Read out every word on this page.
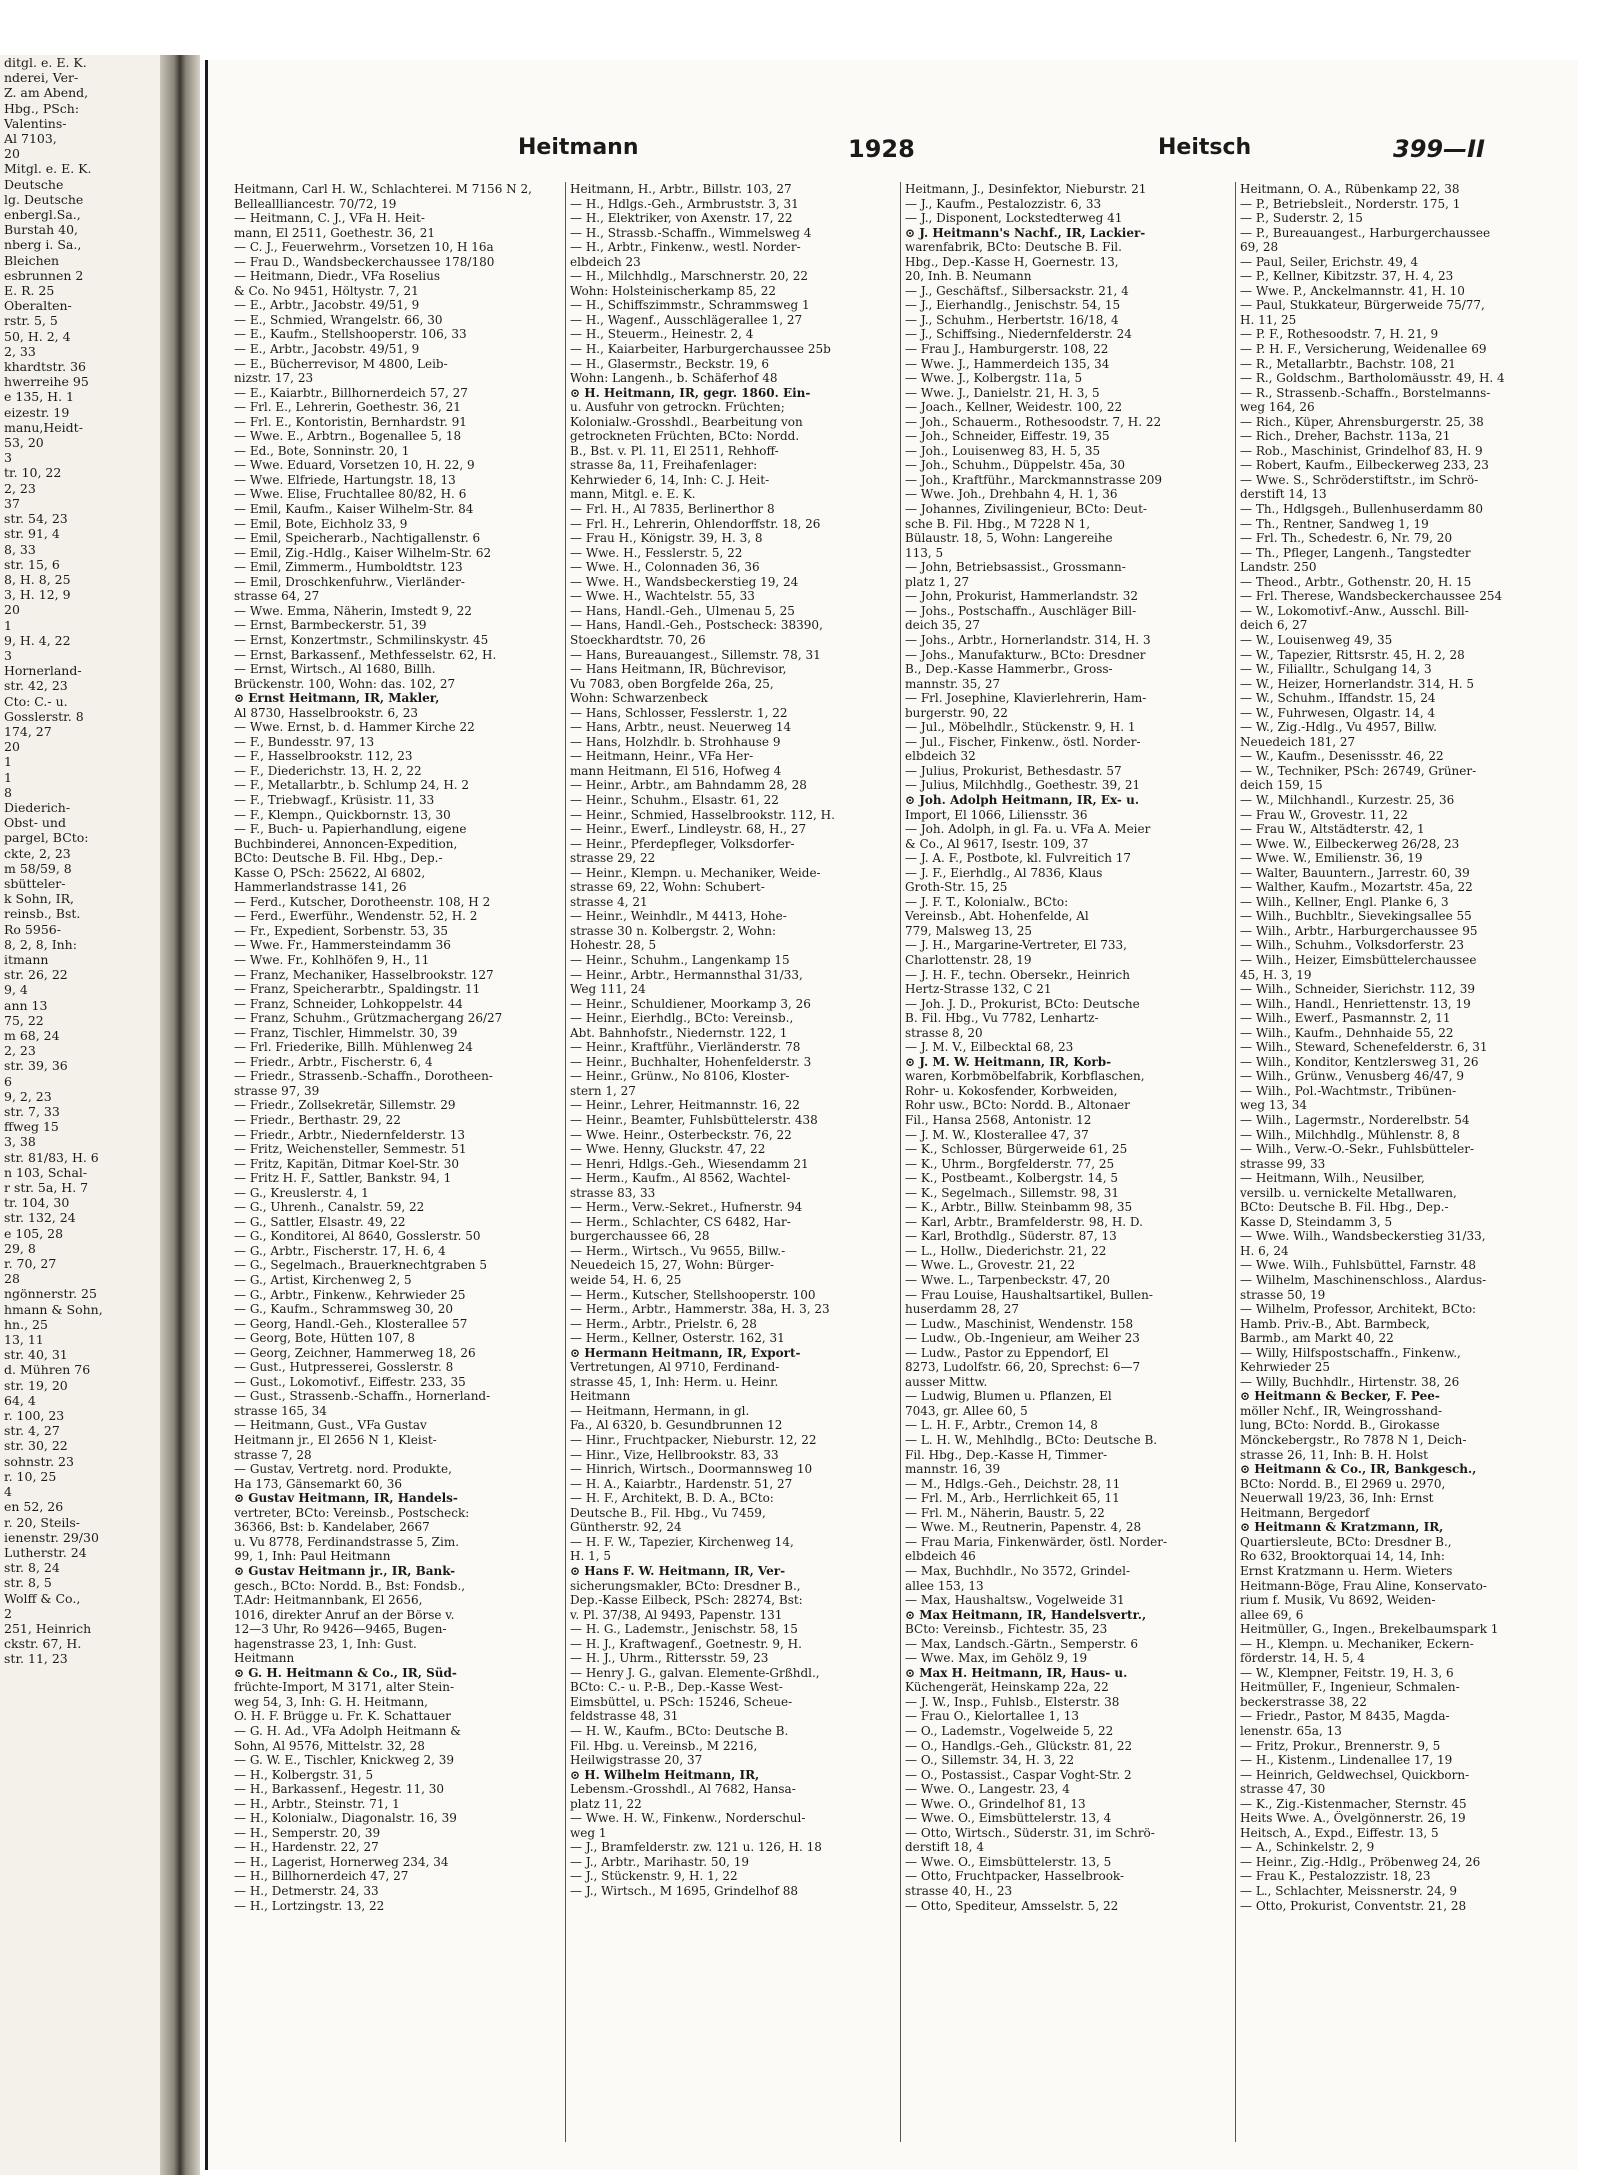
ditgl. e. E. K.
nderei, Ver-
Z. am Abend,
Hbg., PSch:
Valentins-
Al 7103,
20
Mitgl. e. E. K.
Deutsche
lg. Deutsche
enbergl.Sa.,
Burstah 40,
nberg i. Sa.,
Bleichen
esbrunnen 2
E. R. 25
Oberalten-
rstr. 5, 5
50, H. 2, 4
2, 33
khardtstr. 36
hwerreihe 95
e 135, H. 1
eizestr. 19
manu,Heidt-
53, 20
3
tr. 10, 22
2, 23
37
str. 54, 23
str. 91, 4
8, 33
str. 15, 6
8, H. 8, 25
3, H. 12, 9
20
1
9, H. 4, 22
3
Hornerland-
str. 42, 23
Cto: C.- u.
Gosslerstr. 8
174, 27
20
1
1
8
Diederich-
Obst- und
pargel, BCto:
ckte, 2, 23
m 58/59, 8
sbütteler-
k Sohn, IR,
reinsb., Bst.
Ro 5956-
8, 2, 8, Inh:
itmann
str. 26, 22
9, 4
ann 13
75, 22
m 68, 24
2, 23
str. 39, 36
6
9, 2, 23
str. 7, 33
ffweg 15
3, 38
str. 81/83, H. 6
n 103, Schal-
r str. 5a, H. 7
tr. 104, 30
str. 132, 24
e 105, 28
29, 8
r. 70, 27
28
ngönnerstr. 25
hmann & Sohn,
hn., 25
13, 11
str. 40, 31
d. Mühren 76
str. 19, 20
64, 4
r. 100, 23
str. 4, 27
str. 30, 22
sohnstr. 23
r. 10, 25
4
en 52, 26
r. 20, Steils-
ienenstr. 29/30
Lutherstr. 24
str. 8, 24
str. 8, 5
Wolff & Co.,
2
251, Heinrich
ckstr. 67, H.
str. 11, 23
Heitmann	1928	Heitsch	399—II
Heitmann, Carl H. W., Schlachterei. M 7156 N 2,
Belleallliancestr. 70/72, 19
— Heitmann, C. J., VFa H. Heit-
mann, El 2511, Goethestr. 36, 21
— C. J., Feuerwehrm., Vorsetzen 10, H 16a
— Frau D., Wandsbeckerchaussee 178/180
— Heitmann, Diedr., VFa Roselius
& Co. No 9451, Höltystr. 7, 21
— E., Arbtr., Jacobstr. 49/51, 9
— E., Schmied, Wrangelstr. 66, 30
— E., Kaufm., Stellshooperstr. 106, 33
— E., Arbtr., Jacobstr. 49/51, 9
— E., Bücherrevisor, M 4800, Leib-
nizstr. 17, 23
— E., Kaiarbtr., Billhornerdeich 57, 27
— Frl. E., Lehrerin, Goethestr. 36, 21
— Frl. E., Kontoristin, Bernhardstr. 91
— Wwe. E., Arbtrn., Bogenallee 5, 18
— Ed., Bote, Sonninstr. 20, 1
— Wwe. Eduard, Vorsetzen 10, H. 22, 9
— Wwe. Elfriede, Hartungstr. 18, 13
— Wwe. Elise, Fruchtallee 80/82, H. 6
— Emil, Kaufm., Kaiser Wilhelm-Str. 84
— Emil, Bote, Eichholz 33, 9
— Emil, Speicherarb., Nachtigallenstr. 6
— Emil, Zig.-Hdlg., Kaiser Wilhelm-Str. 62
— Emil, Zimmerm., Humboldtstr. 123
— Emil, Droschkenfuhrw., Vierländer-
strasse 64, 27
— Wwe. Emma, Näherin, Imstedt 9, 22
— Ernst, Barmbeckerstr. 51, 39
— Ernst, Konzertmstr., Schmilinskystr. 45
— Ernst, Barkassenf., Methfesselstr. 62, H.
— Ernst, Wirtsch., Al 1680, Billh.
Brückenstr. 100, Wohn: das. 102, 27
⊙ Ernst Heitmann, IR, Makler,
Al 8730, Hasselbrookstr. 6, 23
— Wwe. Ernst, b. d. Hammer Kirche 22
— F., Bundesstr. 97, 13
— F., Hasselbrookstr. 112, 23
— F., Diederichstr. 13, H. 2, 22
— F., Metallarbtr., b. Schlump 24, H. 2
— F., Triebwagf., Krüsistr. 11, 33
— F., Klempn., Quickbornstr. 13, 30
— F., Buch- u. Papierhandlung, eigene
Buchbinderei, Annoncen-Expedition,
BCto: Deutsche B. Fil. Hbg., Dep.-
Kasse O, PSch: 25622, Al 6802,
Hammerlandstrasse 141, 26
— Ferd., Kutscher, Dorotheenstr. 108, H 2
— Ferd., Ewerführ., Wendenstr. 52, H. 2
— Fr., Expedient, Sorbenstr. 53, 35
— Wwe. Fr., Hammersteindamm 36
— Wwe. Fr., Kohlhöfen 9, H., 11
— Franz, Mechaniker, Hasselbrookstr. 127
— Franz, Speicherarbtr., Spaldingstr. 11
— Franz, Schneider, Lohkoppelstr. 44
— Franz, Schuhm., Grützmachergang 26/27
— Franz, Tischler, Himmelstr. 30, 39
— Frl. Friederike, Billh. Mühlenweg 24
— Friedr., Arbtr., Fischerstr. 6, 4
— Friedr., Strassenb.-Schaffn., Dorotheen-
strasse 97, 39
— Friedr., Zollsekretär, Sillemstr. 29
— Friedr., Berthastr. 29, 22
— Friedr., Arbtr., Niedernfelderstr. 13
— Fritz, Weichensteller, Semmestr. 51
— Fritz, Kapitän, Ditmar Koel-Str. 30
— Fritz H. F., Sattler, Bankstr. 94, 1
— G., Kreuslerstr. 4, 1
— G., Uhrenh., Canalstr. 59, 22
— G., Sattler, Elsastr. 49, 22
— G., Konditorei, Al 8640, Gosslerstr. 50
— G., Arbtr., Fischerstr. 17, H. 6, 4
— G., Segelmach., Brauerknechtgraben 5
— G., Artist, Kirchenweg 2, 5
— G., Arbtr., Finkenw., Kehrwieder 25
— G., Kaufm., Schrammsweg 30, 20
— Georg, Handl.-Geh., Klosterallee 57
— Georg, Bote, Hütten 107, 8
— Georg, Zeichner, Hammerweg 18, 26
— Gust., Hutpresserei, Gosslerstr. 8
— Gust., Lokomotivf., Eiffestr. 233, 35
— Gust., Strassenb.-Schaffn., Hornerland-
strasse 165, 34
— Heitmann, Gust., VFa Gustav
Heitmann jr., El 2656 N 1, Kleist-
strasse 7, 28
— Gustav, Vertretg. nord. Produkte,
Ha 173, Gänsemarkt 60, 36
⊙ Gustav Heitmann, IR, Handels-
vertreter, BCto: Vereinsb., Postscheck:
36366, Bst: b. Kandelaber, 2667
u. Vu 8778, Ferdinandstrasse 5, Zim.
99, 1, Inh: Paul Heitmann
⊙ Gustav Heitmann jr., IR, Bank-
gesch., BCto: Nordd. B., Bst: Fondsb.,
T.Adr: Heitmannbank, El 2656,
1016, direkter Anruf an der Börse v.
12—3 Uhr, Ro 9426—9465, Bugen-
hagenstrasse 23, 1, Inh: Gust.
Heitmann
⊙ G. H. Heitmann & Co., IR, Süd-
früchte-Import, M 3171, alter Stein-
weg 54, 3, Inh: G. H. Heitmann,
O. H. F. Brügge u. Fr. K. Schattauer
— G. H. Ad., VFa Adolph Heitmann &
Sohn, Al 9576, Mittelstr. 32, 28
— G. W. E., Tischler, Knickweg 2, 39
— H., Kolbergstr. 31, 5
— H., Barkassenf., Hegestr. 11, 30
— H., Arbtr., Steinstr. 71, 1
— H., Kolonialw., Diagonalstr. 16, 39
— H., Semperstr. 20, 39
— H., Hardenstr. 22, 27
— H., Lagerist, Hornerweg 234, 34
— H., Billhornerdeich 47, 27
— H., Detmerstr. 24, 33
— H., Lortzingstr. 13, 22
Heitmann, H., Arbtr., Billstr. 103, 27
— H., Hdlgs.-Geh., Armbruststr. 3, 31
— H., Elektriker, von Axenstr. 17, 22
— H., Strassb.-Schaffn., Wimmelsweg 4
— H., Arbtr., Finkenw., westl. Norder-
elbdeich 23
— H., Milchhdlg., Marschnerstr. 20, 22
Wohn: Holsteinischerkamp 85, 22
— H., Schiffszimmstr., Schrammsweg 1
— H., Wagenf., Ausschlägerallee 1, 27
— H., Steuerm., Heinestr. 2, 4
— H., Kaiarbeiter, Harburgerchaussee 25b
— H., Glasermstr., Beckstr. 19, 6
Wohn: Langenh., b. Schäferhof 48
⊙ H. Heitmann, IR, gegr. 1860. Ein-
u. Ausfuhr von getrockn. Früchten;
Kolonialw.-Grosshdl., Bearbeitung von
getrockneten Früchten, BCto: Nordd.
B., Bst. v. Pl. 11, El 2511, Rehhoff-
strasse 8a, 11, Freihafenlager:
Kehrwieder 6, 14, Inh: C. J. Heit-
mann, Mitgl. e. E. K.
— Frl. H., Al 7835, Berlinerthor 8
— Frl. H., Lehrerin, Ohlendorffstr. 18, 26
— Frau H., Königstr. 39, H. 3, 8
— Wwe. H., Fesslerstr. 5, 22
— Wwe. H., Colonnaden 36, 36
— Wwe. H., Wandsbeckerstieg 19, 24
— Wwe. H., Wachtelstr. 55, 33
— Hans, Handl.-Geh., Ulmenau 5, 25
— Hans, Handl.-Geh., Postscheck: 38390,
Stoeckhardtstr. 70, 26
— Hans, Bureauangest., Sillemstr. 78, 31
— Hans Heitmann, IR, Büchrevisor,
Vu 7083, oben Borgfelde 26a, 25,
Wohn: Schwarzenbeck
— Hans, Schlosser, Fesslerstr. 1, 22
— Hans, Arbtr., neust. Neuerweg 14
— Hans, Holzhdlr. b. Strohhause 9
— Heitmann, Heinr., VFa Her-
mann Heitmann, El 516, Hofweg 4
— Heinr., Arbtr., am Bahndamm 28, 28
— Heinr., Schuhm., Elsastr. 61, 22
— Heinr., Schmied, Hasselbrookstr. 112, H.
— Heinr., Ewerf., Lindleystr. 68, H., 27
— Heinr., Pferdepfleger, Volksdorfer-
strasse 29, 22
— Heinr., Klempn. u. Mechaniker, Weide-
strasse 69, 22, Wohn: Schubert-
strasse 4, 21
— Heinr., Weinhdlr., M 4413, Hohe-
strasse 30 n. Kolbergstr. 2, Wohn:
Hohestr. 28, 5
— Heinr., Schuhm., Langenkamp 15
— Heinr., Arbtr., Hermannsthal 31/33,
Weg 111, 24
— Heinr., Schuldiener, Moorkamp 3, 26
— Heinr., Eierhdlg., BCto: Vereinsb.,
Abt. Bahnhofstr., Niedernstr. 122, 1
— Heinr., Kraftführ., Vierländerstr. 78
— Heinr., Buchhalter, Hohenfelderstr. 3
— Heinr., Grünw., No 8106, Kloster-
stern 1, 27
— Heinr., Lehrer, Heitmannstr. 16, 22
— Heinr., Beamter, Fuhlsbüttelerstr. 438
— Wwe. Heinr., Osterbeckstr. 76, 22
— Wwe. Henny, Gluckstr. 47, 22
— Henri, Hdlgs.-Geh., Wiesendamm 21
— Herm., Kaufm., Al 8562, Wachtel-
strasse 83, 33
— Herm., Verw.-Sekret., Hufnerstr. 94
— Herm., Schlachter, CS 6482, Har-
burgerchaussee 66, 28
— Herm., Wirtsch., Vu 9655, Billw.-
Neuedeich 15, 27, Wohn: Bürger-
weide 54, H. 6, 25
— Herm., Kutscher, Stellshooperstr. 100
— Herm., Arbtr., Hammerstr. 38a, H. 3, 23
— Herm., Arbtr., Prielstr. 6, 28
— Herm., Kellner, Osterstr. 162, 31
⊙ Hermann Heitmann, IR, Export-
Vertretungen, Al 9710, Ferdinand-
strasse 45, 1, Inh: Herm. u. Heinr.
Heitmann
— Heitmann, Hermann, in gl.
Fa., Al 6320, b. Gesundbrunnen 12
— Hinr., Fruchtpacker, Nieburstr. 12, 22
— Hinr., Vize, Hellbrookstr. 83, 33
— Hinrich, Wirtsch., Doormannsweg 10
— H. A., Kaiarbtr., Hardenstr. 51, 27
— H. F., Architekt, B. D. A., BCto:
Deutsche B., Fil. Hbg., Vu 7459,
Güntherstr. 92, 24
— H. F. W., Tapezier, Kirchenweg 14,
H. 1, 5
⊙ Hans F. W. Heitmann, IR, Ver-
sicherungsmakler, BCto: Dresdner B.,
Dep.-Kasse Eilbeck, PSch: 28274, Bst:
v. Pl. 37/38, Al 9493, Papenstr. 131
— H. G., Lademstr., Jenischstr. 58, 15
— H. J., Kraftwagenf., Goetnestr. 9, H.
— H. J., Uhrm., Rittersstr. 59, 23
— Henry J. G., galvan. Elemente-Grßhdl.,
BCto: C.- u. P.-B., Dep.-Kasse West-
Eimsbüttel, u. PSch: 15246, Scheue-
feldstrasse 48, 31
— H. W., Kaufm., BCto: Deutsche B.
Fil. Hbg. u. Vereinsb., M 2216,
Heilwigstrasse 20, 37
⊙ H. Wilhelm Heitmann, IR,
Lebensm.-Grosshdl., Al 7682, Hansa-
platz 11, 22
— Wwe. H. W., Finkenw., Norderschul-
weg 1
— J., Bramfelderstr. zw. 121 u. 126, H. 18
— J., Arbtr., Marihastr. 50, 19
— J., Stückenstr. 9, H. 1, 22
— J., Wirtsch., M 1695, Grindelhof 88
Heitmann, J., Desinfektor, Nieburstr. 21
— J., Kaufm., Pestalozzistr. 6, 33
— J., Disponent, Lockstedterweg 41
⊙ J. Heitmann's Nachf., IR, Lackier-
warenfabrik, BCto: Deutsche B. Fil.
Hbg., Dep.-Kasse H, Goernestr. 13,
20, Inh. B. Neumann
— J., Geschäftsf., Silbersackstr. 21, 4
— J., Eierhandlg., Jenischstr. 54, 15
— J., Schuhm., Herbertstr. 16/18, 4
— J., Schiffsing., Niedernfelderstr. 24
— Frau J., Hamburgerstr. 108, 22
— Wwe. J., Hammerdeich 135, 34
— Wwe. J., Kolbergstr. 11a, 5
— Wwe. J., Danielstr. 21, H. 3, 5
— Joach., Kellner, Weidestr. 100, 22
— Joh., Schauerm., Rothesoodstr. 7, H. 22
— Joh., Schneider, Eiffestr. 19, 35
— Joh., Louisenweg 83, H. 5, 35
— Joh., Schuhm., Düppelstr. 45a, 30
— Joh., Kraftführ., Marckmannstrasse 209
— Wwe. Joh., Drehbahn 4, H. 1, 36
— Johannes, Zivilingenieur, BCto: Deut-
sche B. Fil. Hbg., M 7228 N 1,
Bülaustr. 18, 5, Wohn: Langereihe
113, 5
— John, Betriebsassist., Grossmann-
platz 1, 27
— John, Prokurist, Hammerlandstr. 32
— Johs., Postschaffn., Auschläger Bill-
deich 35, 27
— Johs., Arbtr., Hornerlandstr. 314, H. 3
— Johs., Manufakturw., BCto: Dresdner
B., Dep.-Kasse Hammerbr., Gross-
mannstr. 35, 27
— Frl. Josephine, Klavierlehrerin, Ham-
burgerstr. 90, 22
— Jul., Möbelhdlr., Stückenstr. 9, H. 1
— Jul., Fischer, Finkenw., östl. Norder-
elbdeich 32
— Julius, Prokurist, Bethesdastr. 57
— Julius, Milchhdlg., Goethestr. 39, 21
⊙ Joh. Adolph Heitmann, IR, Ex- u.
Import, El 1066, Liliensstr. 36
— Joh. Adolph, in gl. Fa. u. VFa A. Meier
& Co., Al 9617, Isestr. 109, 37
— J. A. F., Postbote, kl. Fulvreitich 17
— J. F., Eierhdlg., Al 7836, Klaus
Groth-Str. 15, 25
— J. F. T., Kolonialw., BCto:
Vereinsb., Abt. Hohenfelde, Al
779, Malsweg 13, 25
— J. H., Margarine-Vertreter, El 733,
Charlottenstr. 28, 19
— J. H. F., techn. Obersekr., Heinrich
Hertz-Strasse 132, C 21
— Joh. J. D., Prokurist, BCto: Deutsche
B. Fil. Hbg., Vu 7782, Lenhartz-
strasse 8, 20
— J. M. V., Eilbecktal 68, 23
⊙ J. M. W. Heitmann, IR, Korb-
waren, Korbmöbelfabrik, Korbflaschen,
Rohr- u. Kokosfender, Korbweiden,
Rohr usw., BCto: Nordd. B., Altonaer
Fil., Hansa 2568, Antonistr. 12
— J. M. W., Klosterallee 47, 37
— K., Schlosser, Bürgerweide 61, 25
— K., Uhrm., Borgfelderstr. 77, 25
— K., Postbeamt., Kolbergstr. 14, 5
— K., Segelmach., Sillemstr. 98, 31
— K., Arbtr., Billw. Steinbamm 98, 35
— Karl, Arbtr., Bramfelderstr. 98, H. D.
— Karl, Brothdlg., Süderstr. 87, 13
— L., Hollw., Diederichstr. 21, 22
— Wwe. L., Grovestr. 21, 22
— Wwe. L., Tarpenbeckstr. 47, 20
— Frau Louise, Haushaltsartikel, Bullen-
huserdamm 28, 27
— Ludw., Maschinist, Wendenstr. 158
— Ludw., Ob.-Ingenieur, am Weiher 23
— Ludw., Pastor zu Eppendorf, El
8273, Ludolfstr. 66, 20, Sprechst: 6—7
ausser Mittw.
— Ludwig, Blumen u. Pflanzen, El
7043, gr. Allee 60, 5
— L. H. F., Arbtr., Cremon 14, 8
— L. H. W., Mehlhdlg., BCto: Deutsche B.
Fil. Hbg., Dep.-Kasse H, Timmer-
mannstr. 16, 39
— M., Hdlgs.-Geh., Deichstr. 28, 11
— Frl. M., Arb., Herrlichkeit 65, 11
— Frl. M., Näherin, Baustr. 5, 22
— Wwe. M., Reutnerin, Papenstr. 4, 28
— Frau Maria, Finkenwärder, östl. Norder-
elbdeich 46
— Max, Buchhdlr., No 3572, Grindel-
allee 153, 13
— Max, Haushaltsw., Vogelweide 31
⊙ Max Heitmann, IR, Handelsvertr.,
BCto: Vereinsb., Fichtestr. 35, 23
— Max, Landsch.-Gärtn., Semperstr. 6
— Wwe. Max, im Gehölz 9, 19
⊙ Max H. Heitmann, IR, Haus- u.
Küchengerät, Heinskamp 22a, 22
— J. W., Insp., Fuhlsb., Elsterstr. 38
— Frau O., Kielortallee 1, 13
— O., Lademstr., Vogelweide 5, 22
— O., Handlgs.-Geh., Glückstr. 81, 22
— O., Sillemstr. 34, H. 3, 22
— O., Postassist., Caspar Voght-Str. 2
— Wwe. O., Langestr. 23, 4
— Wwe. O., Grindelhof 81, 13
— Wwe. O., Eimsbüttelerstr. 13, 4
— Otto, Wirtsch., Süderstr. 31, im Schrö-
derstift 18, 4
— Wwe. O., Eimsbüttelerstr. 13, 5
— Otto, Fruchtpacker, Hasselbrook-
strasse 40, H., 23
— Otto, Spediteur, Amsselstr. 5, 22
Heitmann, O. A., Rübenkamp 22, 38
— P., Betriebsleit., Norderstr. 175, 1
— P., Suderstr. 2, 15
— P., Bureauangest., Harburgerchaussee
69, 28
— Paul, Seiler, Erichstr. 49, 4
— P., Kellner, Kibitzstr. 37, H. 4, 23
— Wwe. P., Anckelmannstr. 41, H. 10
— Paul, Stukkateur, Bürgerweide 75/77,
H. 11, 25
— P. F., Rothesoodstr. 7, H. 21, 9
— P. H. F., Versicherung, Weidenallee 69
— R., Metallarbtr., Bachstr. 108, 21
— R., Goldschm., Bartholomäusstr. 49, H. 4
— R., Strassenb.-Schaffn., Borstelmanns-
weg 164, 26
— Rich., Küper, Ahrensburgerstr. 25, 38
— Rich., Dreher, Bachstr. 113a, 21
— Rob., Maschinist, Grindelhof 83, H. 9
— Robert, Kaufm., Eilbeckerweg 233, 23
— Wwe. S., Schröderstiftstr., im Schrö-
derstift 14, 13
— Th., Hdlgsgeh., Bullenhuserdamm 80
— Th., Rentner, Sandweg 1, 19
— Frl. Th., Schedestr. 6, Nr. 79, 20
— Th., Pfleger, Langenh., Tangstedter
Landstr. 250
— Theod., Arbtr., Gothenstr. 20, H. 15
— Frl. Therese, Wandsbeckerchaussee 254
— W., Lokomotivf.-Anw., Ausschl. Bill-
deich 6, 27
— W., Louisenweg 49, 35
— W., Tapezier, Rittsrstr. 45, H. 2, 28
— W., Filialltr., Schulgang 14, 3
— W., Heizer, Hornerlandstr. 314, H. 5
— W., Schuhm., Iffandstr. 15, 24
— W., Fuhrwesen, Olgastr. 14, 4
— W., Zig.-Hdlg., Vu 4957, Billw.
Neuedeich 181, 27
— W., Kaufm., Desenissstr. 46, 22
— W., Techniker, PSch: 26749, Grüner-
deich 159, 15
— W., Milchhandl., Kurzestr. 25, 36
— Frau W., Grovestr. 11, 22
— Frau W., Altstädterstr. 42, 1
— Wwe. W., Eilbeckerweg 26/28, 23
— Wwe. W., Emilienstr. 36, 19
— Walter, Bauuntern., Jarrestr. 60, 39
— Walther, Kaufm., Mozartstr. 45a, 22
— Wilh., Kellner, Engl. Planke 6, 3
— Wilh., Buchbltr., Sievekingsallee 55
— Wilh., Arbtr., Harburgerchaussee 95
— Wilh., Schuhm., Volksdorferstr. 23
— Wilh., Heizer, Eimsbüttelerchaussee
45, H. 3, 19
— Wilh., Schneider, Sierichstr. 112, 39
— Wilh., Handl., Henriettenstr. 13, 19
— Wilh., Ewerf., Pasmannstr. 2, 11
— Wilh., Kaufm., Dehnhaide 55, 22
— Wilh., Steward, Schenefelderstr. 6, 31
— Wilh., Konditor, Kentzlersweg 31, 26
— Wilh., Grünw., Venusberg 46/47, 9
— Wilh., Pol.-Wachtmstr., Tribünen-
weg 13, 34
— Wilh., Lagermstr., Norderelbstr. 54
— Wilh., Milchhdlg., Mühlenstr. 8, 8
— Wilh., Verw.-O.-Sekr., Fuhlsbütteler-
strasse 99, 33
— Heitmann, Wilh., Neusilber,
versilb. u. vernickelte Metallwaren,
BCto: Deutsche B. Fil. Hbg., Dep.-
Kasse D, Steindamm 3, 5
— Wwe. Wilh., Wandsbeckerstieg 31/33,
H. 6, 24
— Wwe. Wilh., Fuhlsbüttel, Farnstr. 48
— Wilhelm, Maschinenschloss., Alardus-
strasse 50, 19
— Wilhelm, Professor, Architekt, BCto:
Hamb. Priv.-B., Abt. Barmbeck,
Barmb., am Markt 40, 22
— Willy, Hilfspostschaffn., Finkenw.,
Kehrwieder 25
— Willy, Buchhdlr., Hirtenstr. 38, 26
⊙ Heitmann & Becker, F. Pee-
möller Nchf., IR, Weingrosshand-
lung, BCto: Nordd. B., Girokasse
Mönckebergstr., Ro 7878 N 1, Deich-
strasse 26, 11, Inh: B. H. Holst
⊙ Heitmann & Co., IR, Bankgesch.,
BCto: Nordd. B., El 2969 u. 2970,
Neuerwall 19/23, 36, Inh: Ernst
Heitmann, Bergedorf
⊙ Heitmann & Kratzmann, IR,
Quartiersleute, BCto: Dresdner B.,
Ro 632, Brooktorquai 14, 14, Inh:
Ernst Kratzmann u. Herm. Wieters
Heitmann-Böge, Frau Aline, Konservato-
rium f. Musik, Vu 8692, Weiden-
allee 69, 6
Heitmüller, G., Ingen., Brekelbaumspark 1
— H., Klempn. u. Mechaniker, Eckern-
förderstr. 14, H. 5, 4
— W., Klempner, Feitstr. 19, H. 3, 6
Heitmüller, F., Ingenieur, Schmalen-
beckerstrasse 38, 22
— Friedr., Pastor, M 8435, Magda-
lenenstr. 65a, 13
— Fritz, Prokur., Brennerstr. 9, 5
— H., Kistenm., Lindenallee 17, 19
— Heinrich, Geldwechsel, Quickborn-
strasse 47, 30
— K., Zig.-Kistenmacher, Sternstr. 45
Heits Wwe. A., Övelgönnerstr. 26, 19
Heitsch, A., Expd., Eiffestr. 13, 5
— A., Schinkelstr. 2, 9
— Heinr., Zig.-Hdlg., Pröbenweg 24, 26
— Frau K., Pestalozzistr. 18, 23
— L., Schlachter, Meissnerstr. 24, 9
— Otto, Prokurist, Conventstr. 21, 28
